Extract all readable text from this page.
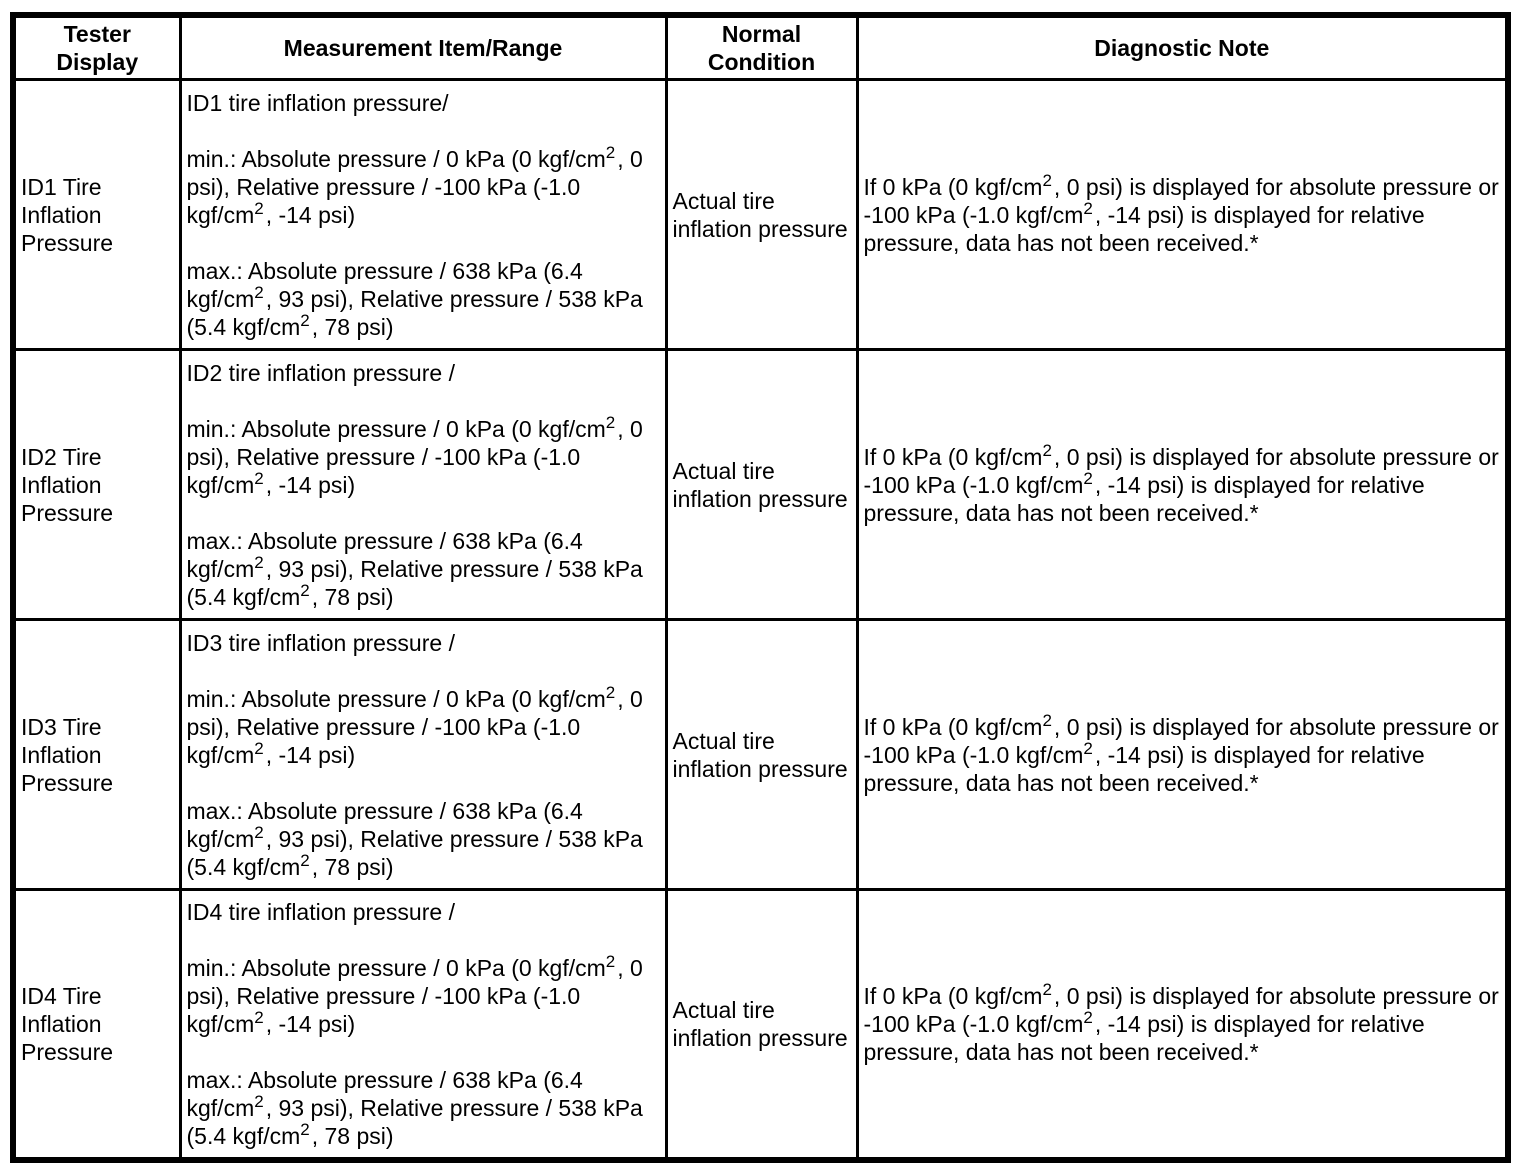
Tester Display	Measurement Item/Range	Normal Condition	Diagnostic Note
ID1 Tire Inflation Pressure	ID1 tire inflation pressure/

min.: Absolute pressure / 0 kPa (0 kgf/$cm^2$, 0 psi), Relative pressure / -100 kPa (-1.0 kgf/$cm^2$, -14 psi)

max.: Absolute pressure / 638 kPa (6.4 kgf/$cm^2$, 93 psi), Relative pressure / 538 kPa (5.4 kgf/$cm^2$, 78 psi)	Actual tire inflation pressure	If 0 kPa (0 kgf/$cm^2$, 0 psi) is displayed for absolute pressure or -100 kPa (-1.0 kgf/$cm^2$, -14 psi) is displayed for relative pressure, data has not been received.*
ID2 Tire Inflation Pressure	ID2 tire inflation pressure /

min.: Absolute pressure / 0 kPa (0 kgf/$cm^2$, 0 psi), Relative pressure / -100 kPa (-1.0 kgf/$cm^2$, -14 psi)

max.: Absolute pressure / 638 kPa (6.4 kgf/$cm^2$, 93 psi), Relative pressure / 538 kPa (5.4 kgf/$cm^2$, 78 psi)	Actual tire inflation pressure	If 0 kPa (0 kgf/$cm^2$, 0 psi) is displayed for absolute pressure or -100 kPa (-1.0 kgf/$cm^2$, -14 psi) is displayed for relative pressure, data has not been received.*
ID3 Tire Inflation Pressure	ID3 tire inflation pressure /

min.: Absolute pressure / 0 kPa (0 kgf/$cm^2$, 0 psi), Relative pressure / -100 kPa (-1.0 kgf/$cm^2$, -14 psi)

max.: Absolute pressure / 638 kPa (6.4 kgf/$cm^2$, 93 psi), Relative pressure / 538 kPa (5.4 kgf/$cm^2$, 78 psi)	Actual tire inflation pressure	If 0 kPa (0 kgf/$cm^2$, 0 psi) is displayed for absolute pressure or -100 kPa (-1.0 kgf/$cm^2$, -14 psi) is displayed for relative pressure, data has not been received.*
ID4 Tire Inflation Pressure	ID4 tire inflation pressure /

min.: Absolute pressure / 0 kPa (0 kgf/$cm^2$, 0 psi), Relative pressure / -100 kPa (-1.0 kgf/$cm^2$, -14 psi)

max.: Absolute pressure / 638 kPa (6.4 kgf/$cm^2$, 93 psi), Relative pressure / 538 kPa (5.4 kgf/$cm^2$, 78 psi)	Actual tire inflation pressure	If 0 kPa (0 kgf/$cm^2$, 0 psi) is displayed for absolute pressure or -100 kPa (-1.0 kgf/$cm^2$, -14 psi) is displayed for relative pressure, data has not been received.*
